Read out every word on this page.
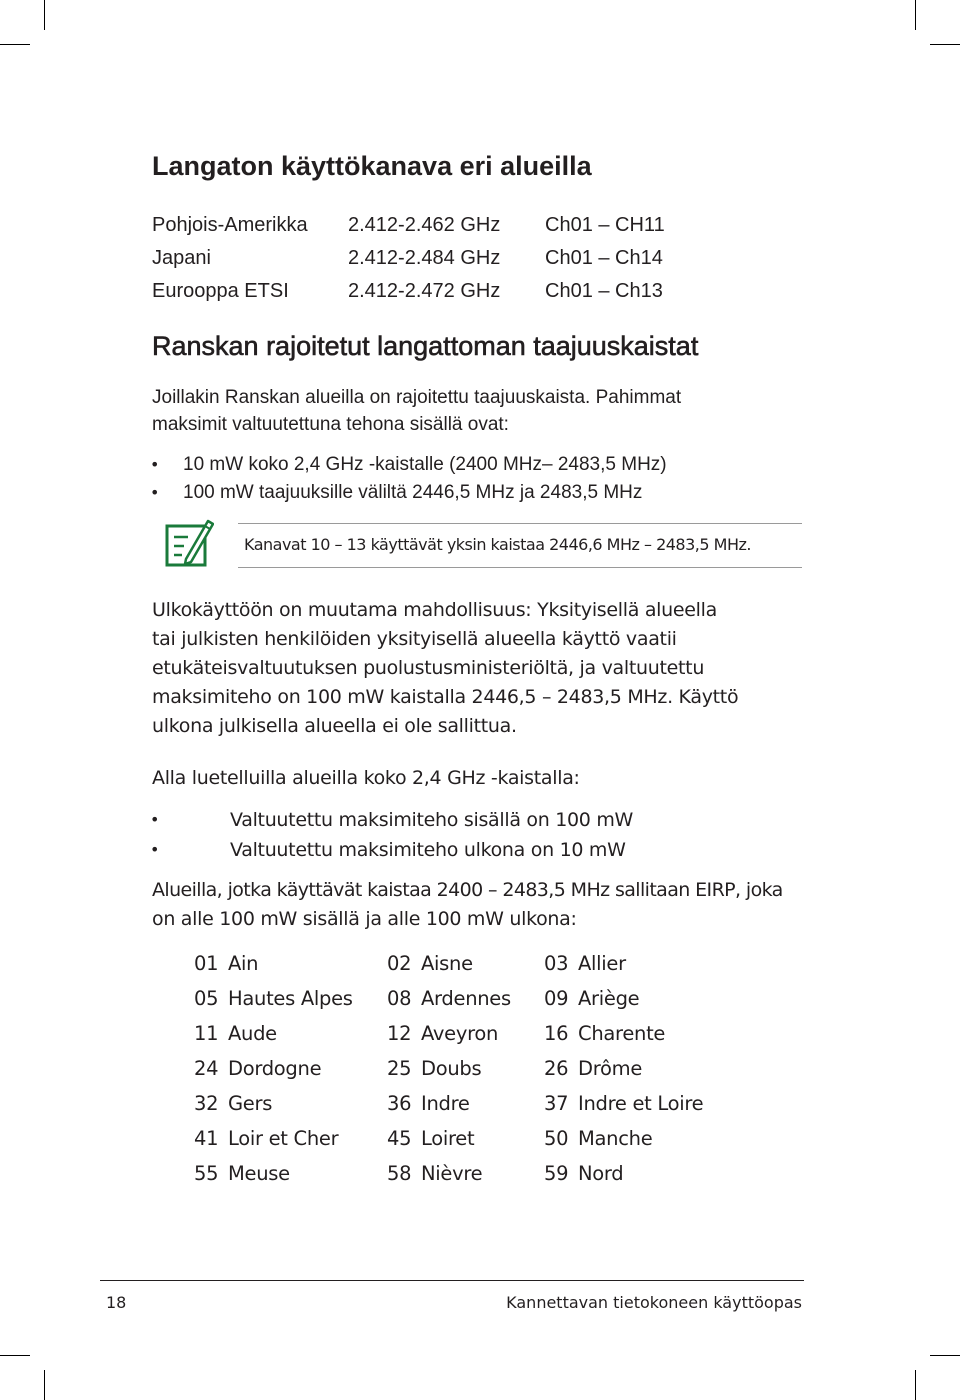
Langaton käyttökanava eri alueilla
Pohjois-Amerikka 2.412-2.462 GHz Ch01 – CH11
Japani	2.412-2.484 GHz Ch01 – Ch14
Eurooppa ETSI	2.412-2.472 GHz Ch01 – Ch13
Ranskan rajoitetut langattoman taajuuskaistat
Joillakin Ranskan alueilla on rajoitettu taajuuskaista. Pahimmat
maksimit valtuutettuna tehona sisällä ovat:
• 10 mW koko 2,4 GHz -kaistalle (2400 MHz– 2483,5 MHz)
• 100 mW taajuuksille väliltä 2446,5 MHz ja 2483,5 MHz
Kanavat 10 – 13 käyttävät yksin kaistaa 2446,6 MHz – 2483,5 MHz.
Ulkokäyttöön on muutama mahdollisuus: Yksityisellä alueella
tai julkisten henkilöiden yksityisellä alueella käyttö vaatii
etukäteisvaltuutuksen puolustusministeriöltä, ja valtuutettu
maksimiteho on 100 mW kaistalla 2446,5 – 2483,5 MHz. Käyttö
ulkona julkisella alueella ei ole sallittua.
Alla luetelluilla alueilla koko 2,4 GHz -kaistalla:
•	Valtuutettu maksimiteho sisällä on 100 mW
•	Valtuutettu maksimiteho ulkona on 10 mW
Alueilla, jotka käyttävät kaistaa 2400 – 2483,5 MHz sallitaan EIRP, joka
on alle 100 mW sisällä ja alle 100 mW ulkona:
01 Ain	02 Aisne	03 Allier
05 Hautes Alpes 08 Ardennes 09 Ariège
11 Aude	12 Aveyron 16 Charente
24 Dordogne	25 Doubs	26 Drôme
32 Gers	36 Indre	37 Indre et Loire
41 Loir et Cher 45 Loiret	50 Manche
55 Meuse	58 Nièvre	59 Nord
18	Kannettavan tietokoneen käyttöopas
